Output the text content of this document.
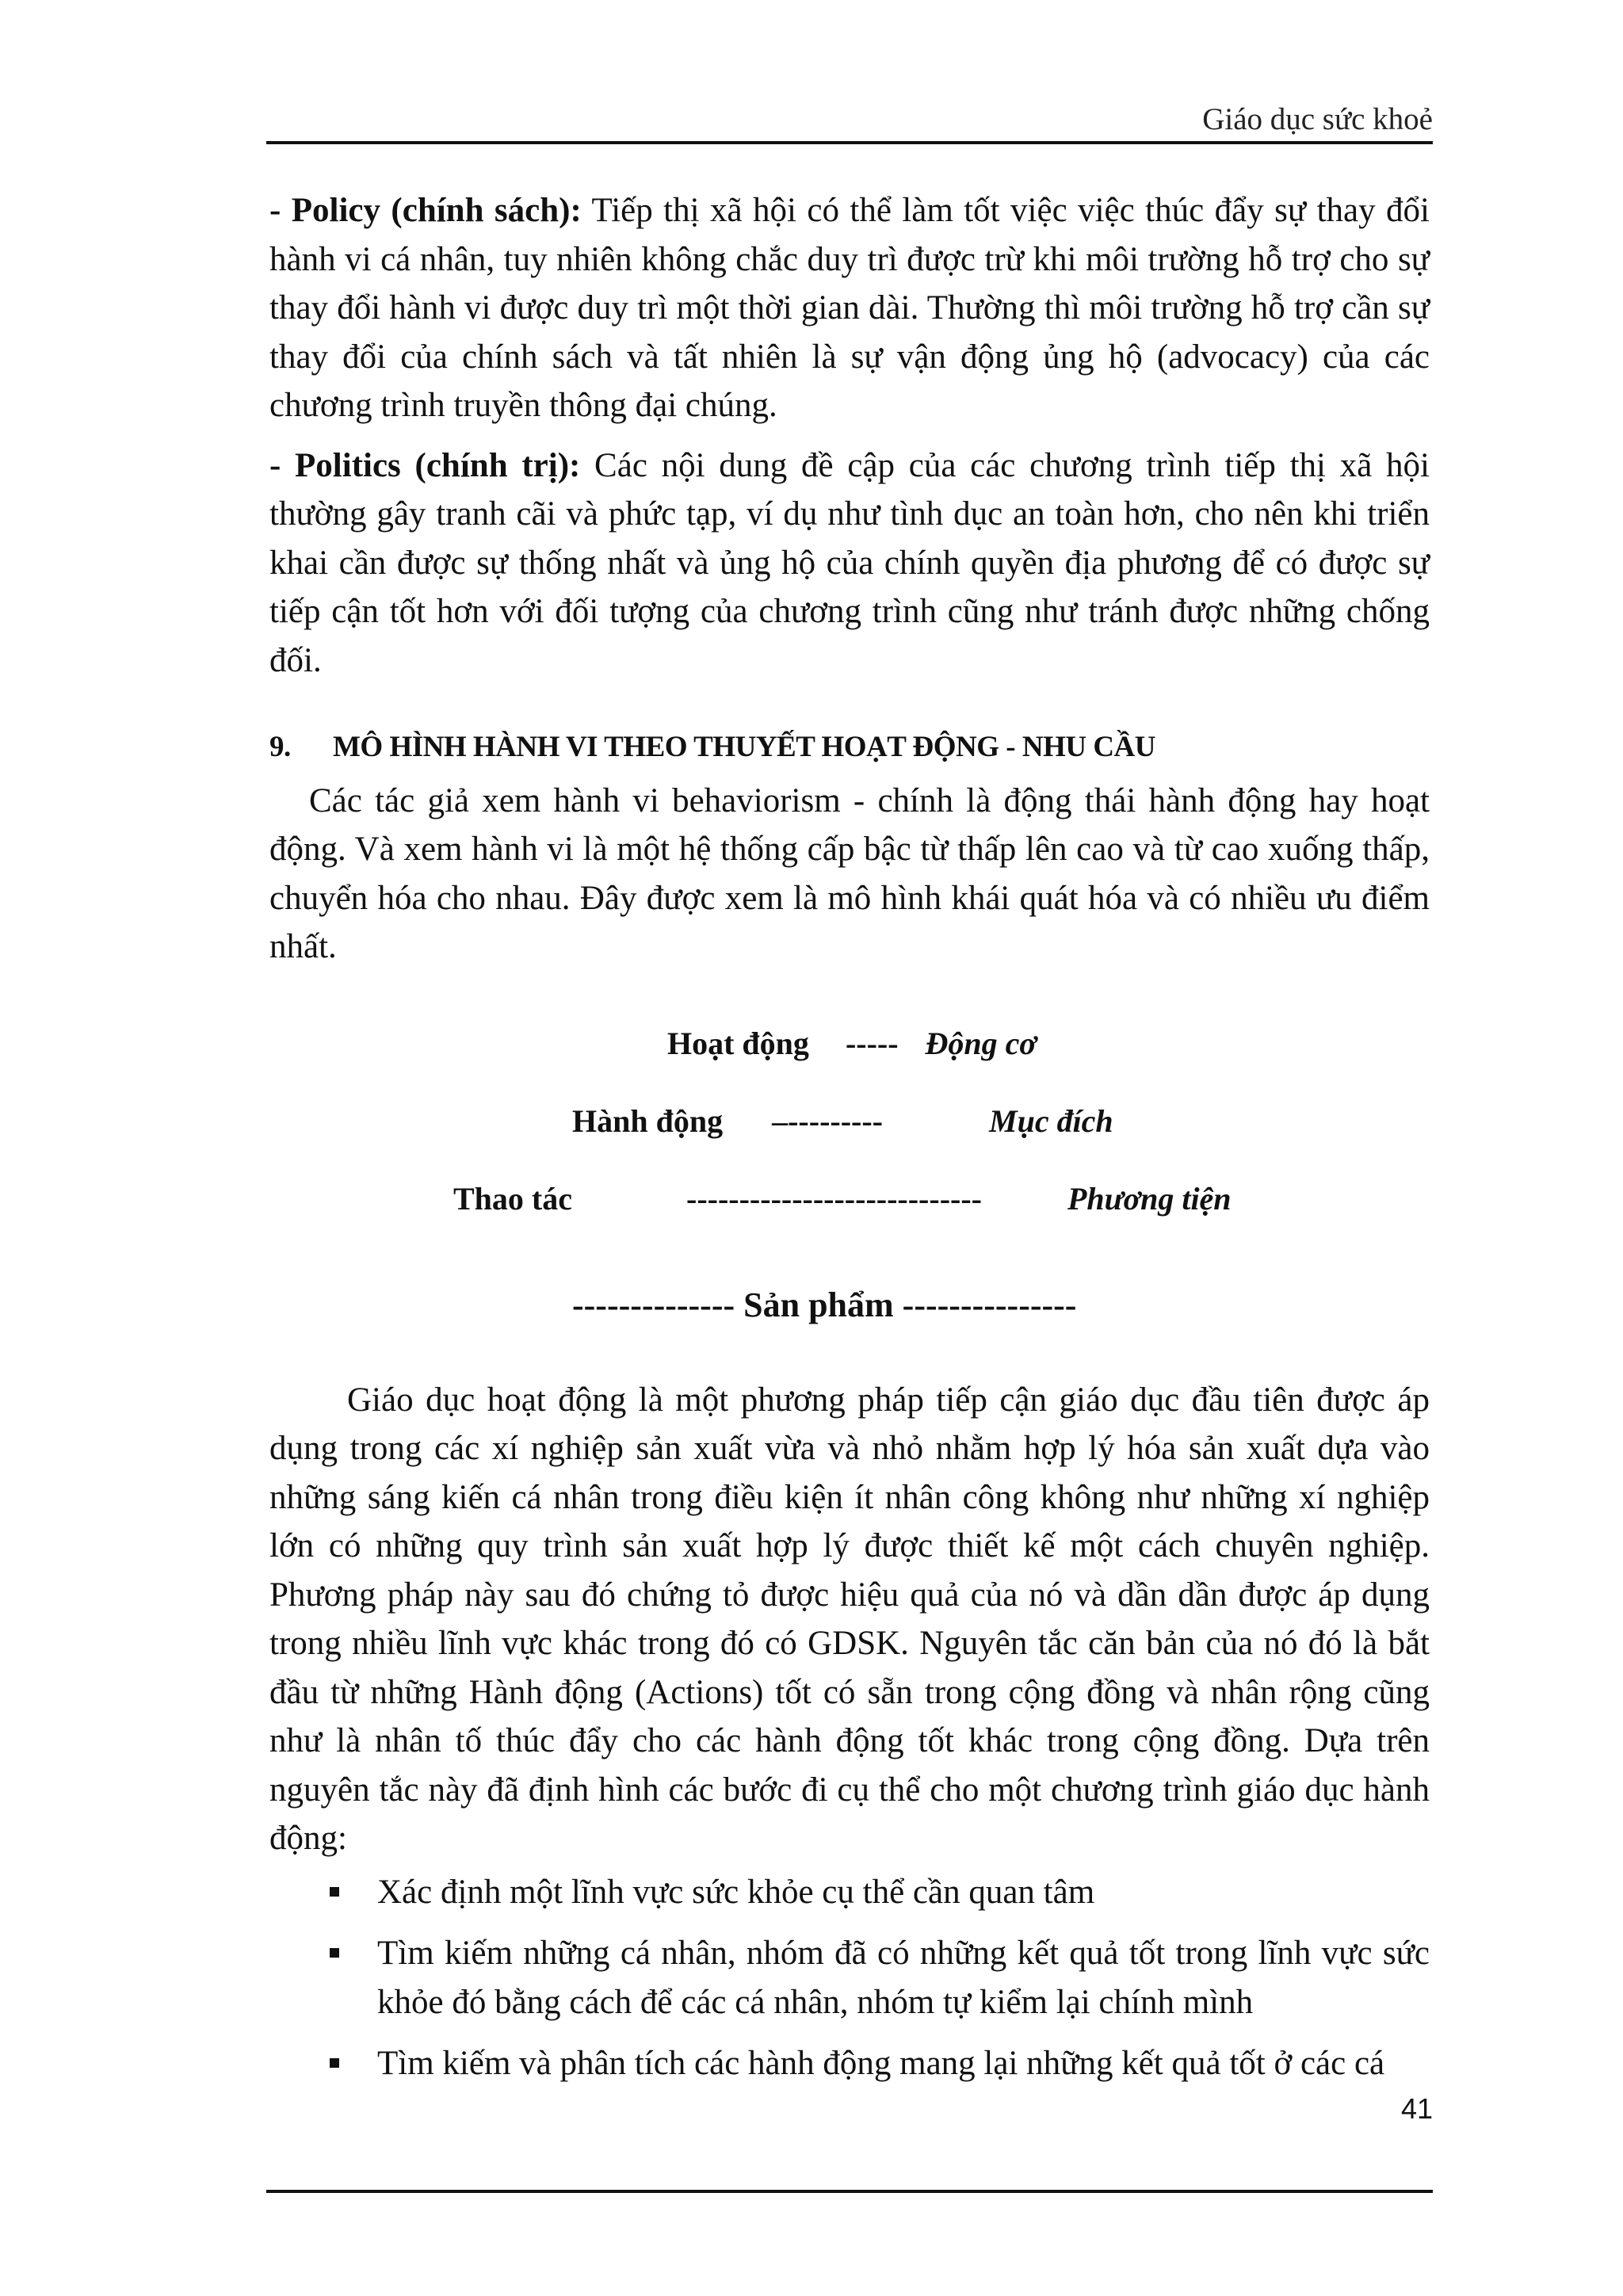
Giáo dục sức khoẻ

- Policy (chính sách): Tiếp thị xã hội có thể làm tốt việc việc thúc đẩy sự thay đổi hành vi cá nhân, tuy nhiên không chắc duy trì được trừ khi môi trường hỗ trợ cho sự thay đổi hành vi được duy trì một thời gian dài. Thường thì môi trường hỗ trợ cần sự thay đổi của chính sách và tất nhiên là sự vận động ủng hộ (advocacy) của các chương trình truyền thông đại chúng.

- Politics (chính trị): Các nội dung đề cập của các chương trình tiếp thị xã hội thường gây tranh cãi và phức tạp, ví dụ như tình dục an toàn hơn, cho nên khi triển khai cần được sự thống nhất và ủng hộ của chính quyền địa phương để có được sự tiếp cận tốt hơn với đối tượng của chương trình cũng như tránh được những chống đối.

9. MÔ HÌNH HÀNH VI THEO THUYẾT HOẠT ĐỘNG - NHU CẦU

Các tác giả xem hành vi behaviorism - chính là động thái hành động hay hoạt động. Và xem hành vi là một hệ thống cấp bậc từ thấp lên cao và từ cao xuống thấp, chuyển hóa cho nhau. Đây được xem là mô hình khái quát hóa và có nhiều ưu điểm nhất.

Hoạt động ----- Động cơ
Hành động –---------	Mục đích
Thao tác	----------------------------	Phương tiện
-------------- Sản phẩm ---------------

Giáo dục hoạt động là một phương pháp tiếp cận giáo dục đầu tiên được áp dụng trong các xí nghiệp sản xuất vừa và nhỏ nhằm hợp lý hóa sản xuất dựa vào những sáng kiến cá nhân trong điều kiện ít nhân công không như những xí nghiệp lớn có những quy trình sản xuất hợp lý được thiết kế một cách chuyên nghiệp. Phương pháp này sau đó chứng tỏ được hiệu quả của nó và dần dần được áp dụng trong nhiều lĩnh vực khác trong đó có GDSK. Nguyên tắc căn bản của nó đó là bắt đầu từ những Hành động (Actions) tốt có sẵn trong cộng đồng và nhân rộng cũng như là nhân tố thúc đẩy cho các hành động tốt khác trong cộng đồng. Dựa trên nguyên tắc này đã định hình các bước đi cụ thể cho một chương trình giáo dục hành động:

Xác định một lĩnh vực sức khỏe cụ thể cần quan tâm
Tìm kiếm những cá nhân, nhóm đã có những kết quả tốt trong lĩnh vực sức khỏe đó bằng cách để các cá nhân, nhóm tự kiểm lại chính mình
Tìm kiếm và phân tích các hành động mang lại những kết quả tốt ở các cá
41
